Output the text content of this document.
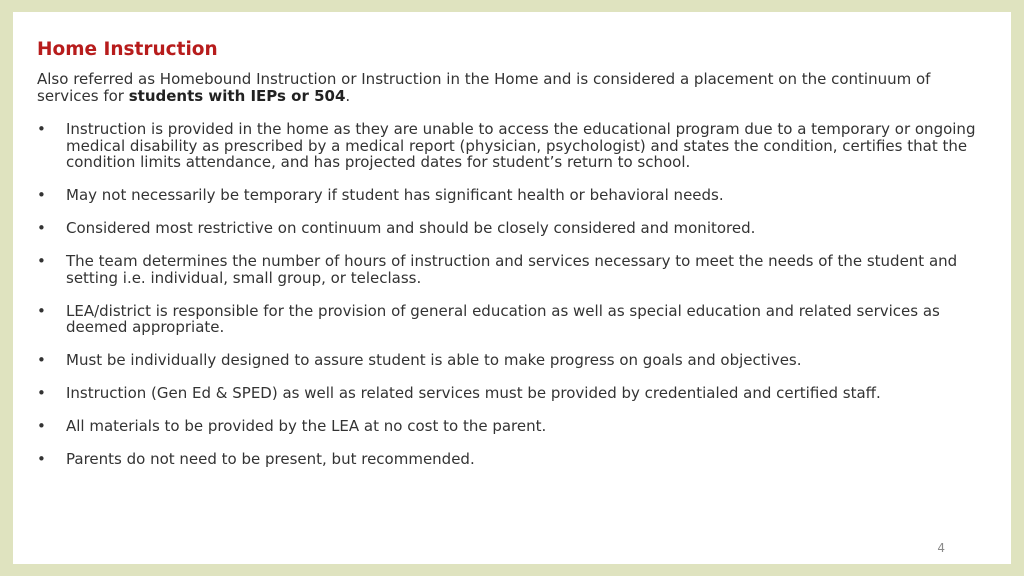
Home Instruction

Also referred as Homebound Instruction or Instruction in the Home and is considered a placement on the continuum of services for students with IEPs or 504.

• Instruction is provided in the home as they are unable to access the educational program due to a temporary or ongoing medical disability as prescribed by a medical report (physician, psychologist) and states the condition, certifies that the condition limits attendance, and has projected dates for student’s return to school.
• May not necessarily be temporary if student has significant health or behavioral needs.
• Considered most restrictive on continuum and should be closely considered and monitored.
• The team determines the number of hours of instruction and services necessary to meet the needs of the student and setting i.e. individual, small group, or teleclass.
• LEA/district is responsible for the provision of general education as well as special education and related services as deemed appropriate.
• Must be individually designed to assure student is able to make progress on goals and objectives.
• Instruction (Gen Ed & SPED) as well as related services must be provided by credentialed and certified staff.
• All materials to be provided by the LEA at no cost to the parent.
• Parents do not need to be present, but recommended.
4
